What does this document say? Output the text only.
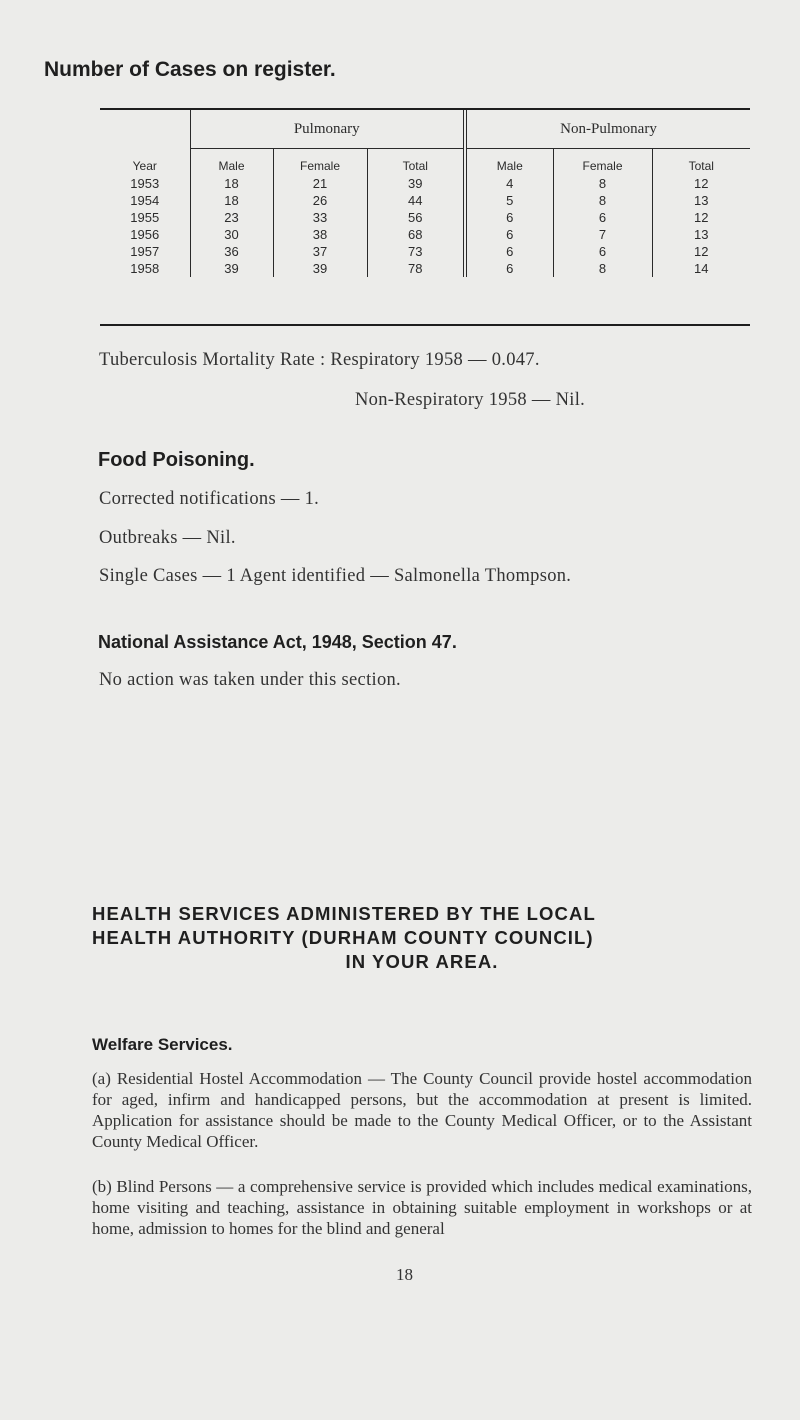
Number of Cases on register.
Year	Pulmonary			Non-Pulmonary		
	Male	Female	Total	Male	Female	Total
1953	18	21	39	4	8	12
1954	18	26	44	5	8	13
1955	23	33	56	6	6	12
1956	30	38	68	6	7	13
1957	36	37	73	6	6	12
1958	39	39	78	6	8	14
Tuberculosis Mortality Rate : Respiratory 1958 — 0.047.
Non-Respiratory 1958 — Nil.
Food Poisoning.
Corrected notifications — 1.
Outbreaks — Nil.
Single Cases — 1 Agent identified — Salmonella Thompson.
National Assistance Act, 1948, Section 47.
No action was taken under this section.
HEALTH SERVICES ADMINISTERED BY THE LOCAL
HEALTH AUTHORITY (DURHAM COUNTY COUNCIL)
IN YOUR AREA.
Welfare Services.
(a) Residential Hostel Accommodation — The County Council provide hostel accommodation for aged, infirm and handicapped persons, but the accommodation at present is limited. Application for assistance should be made to the County Medical Officer, or to the Assistant County Medical Officer.
(b) Blind Persons — a comprehensive service is provided which includes medical examinations, home visiting and teaching, assistance in obtaining suitable employment in workshops or at home, admission to homes for the blind and general
18
